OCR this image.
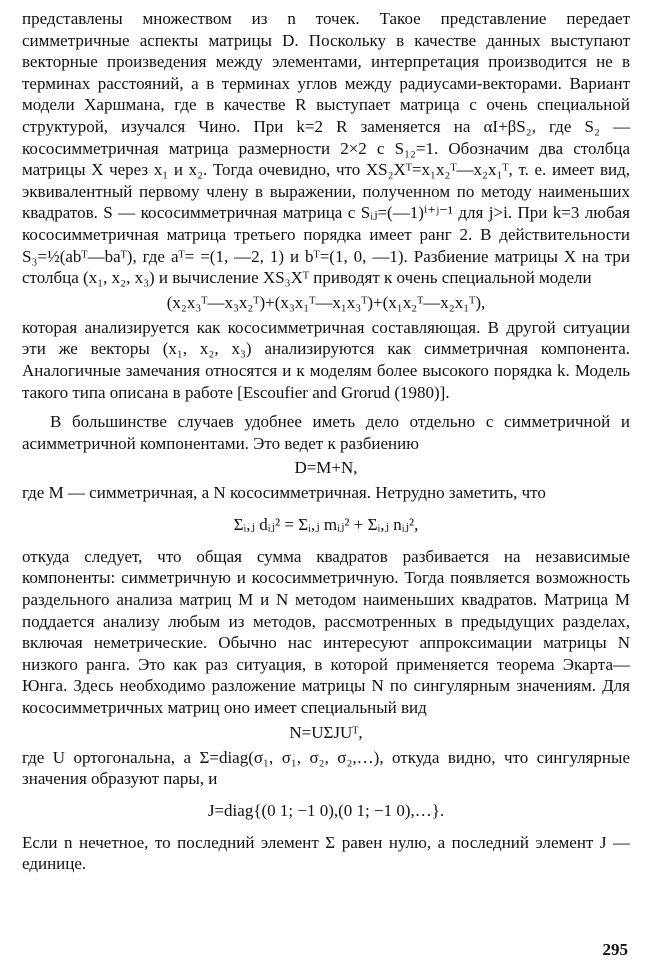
представлены множеством из n точек. Такое представление передает симметричные аспекты матрицы D. Поскольку в качестве данных выступают векторные произведения между элементами, интерпретация производится не в терминах расстояний, а в терминах углов между радиусами-векторами. Вариант модели Харшмана, где в качестве R выступает матрица с очень специальной структурой, изучался Чино. При k=2 R заменяется на αI+βS₂, где S₂ — кососимметричная матрица размерности 2×2 с S₁₂=1. Обозначим два столбца матрицы X через x₁ и x₂. Тогда очевидно, что XS₂Xᵀ=x₁x₂ᵀ—x₂x₁ᵀ, т. е. имеет вид, эквивалентный первому члену в выражении, полученном по методу наименьших квадратов. S — кососимметричная матрица с Sᵢⱼ=(—1)ⁱ⁺ʲ⁻¹ для j>i. При k=3 любая кососимметричная матрица третьего порядка имеет ранг 2. В действительности S₃=½(abᵀ—baᵀ), где aᵀ= =(1, —2, 1) и bᵀ=(1, 0, —1). Разбиение матрицы X на три столбца (x₁, x₂, x₃) и вычисление XS₃Xᵀ приводят к очень специальной модели

(x₂x₃ᵀ—x₃x₂ᵀ)+(x₃x₁ᵀ—x₁x₃ᵀ)+(x₁x₂ᵀ—x₂x₁ᵀ),

которая анализируется как кососимметричная составляющая. В другой ситуации эти же векторы (x₁, x₂, x₃) анализируются как симметричная компонента. Аналогичные замечания относятся и к моделям более высокого порядка k. Модель такого типа описана в работе [Escoufier and Grorud (1980)].

В большинстве случаев удобнее иметь дело отдельно с симметричной и асимметричной компонентами. Это ведет к разбиению

D=M+N,

где M — симметричная, а N кососимметричная. Нетрудно заметить, что

Σᵢ,ⱼ dᵢⱼ² = Σᵢ,ⱼ mᵢⱼ² + Σᵢ,ⱼ nᵢⱼ²,

откуда следует, что общая сумма квадратов разбивается на независимые компоненты: симметричную и кососимметричную. Тогда появляется возможность раздельного анализа матриц M и N методом наименьших квадратов. Матрица M поддается анализу любым из методов, рассмотренных в предыдущих разделах, включая неметрические. Обычно нас интересуют аппроксимации матрицы N низкого ранга. Это как раз ситуация, в которой применяется теорема Экарта—Юнга. Здесь необходимо разложение матрицы N по сингулярным значениям. Для кососимметричных матриц оно имеет специальный вид

N=UΣJUᵀ,

где U ортогональна, а Σ=diag(σ₁, σ₁, σ₂, σ₂,…), откуда видно, что сингулярные значения образуют пары, и

J=diag{(0 1; −1 0),(0 1; −1 0),…}.

Если n нечетное, то последний элемент Σ равен нулю, а последний элемент J — единице.

295
